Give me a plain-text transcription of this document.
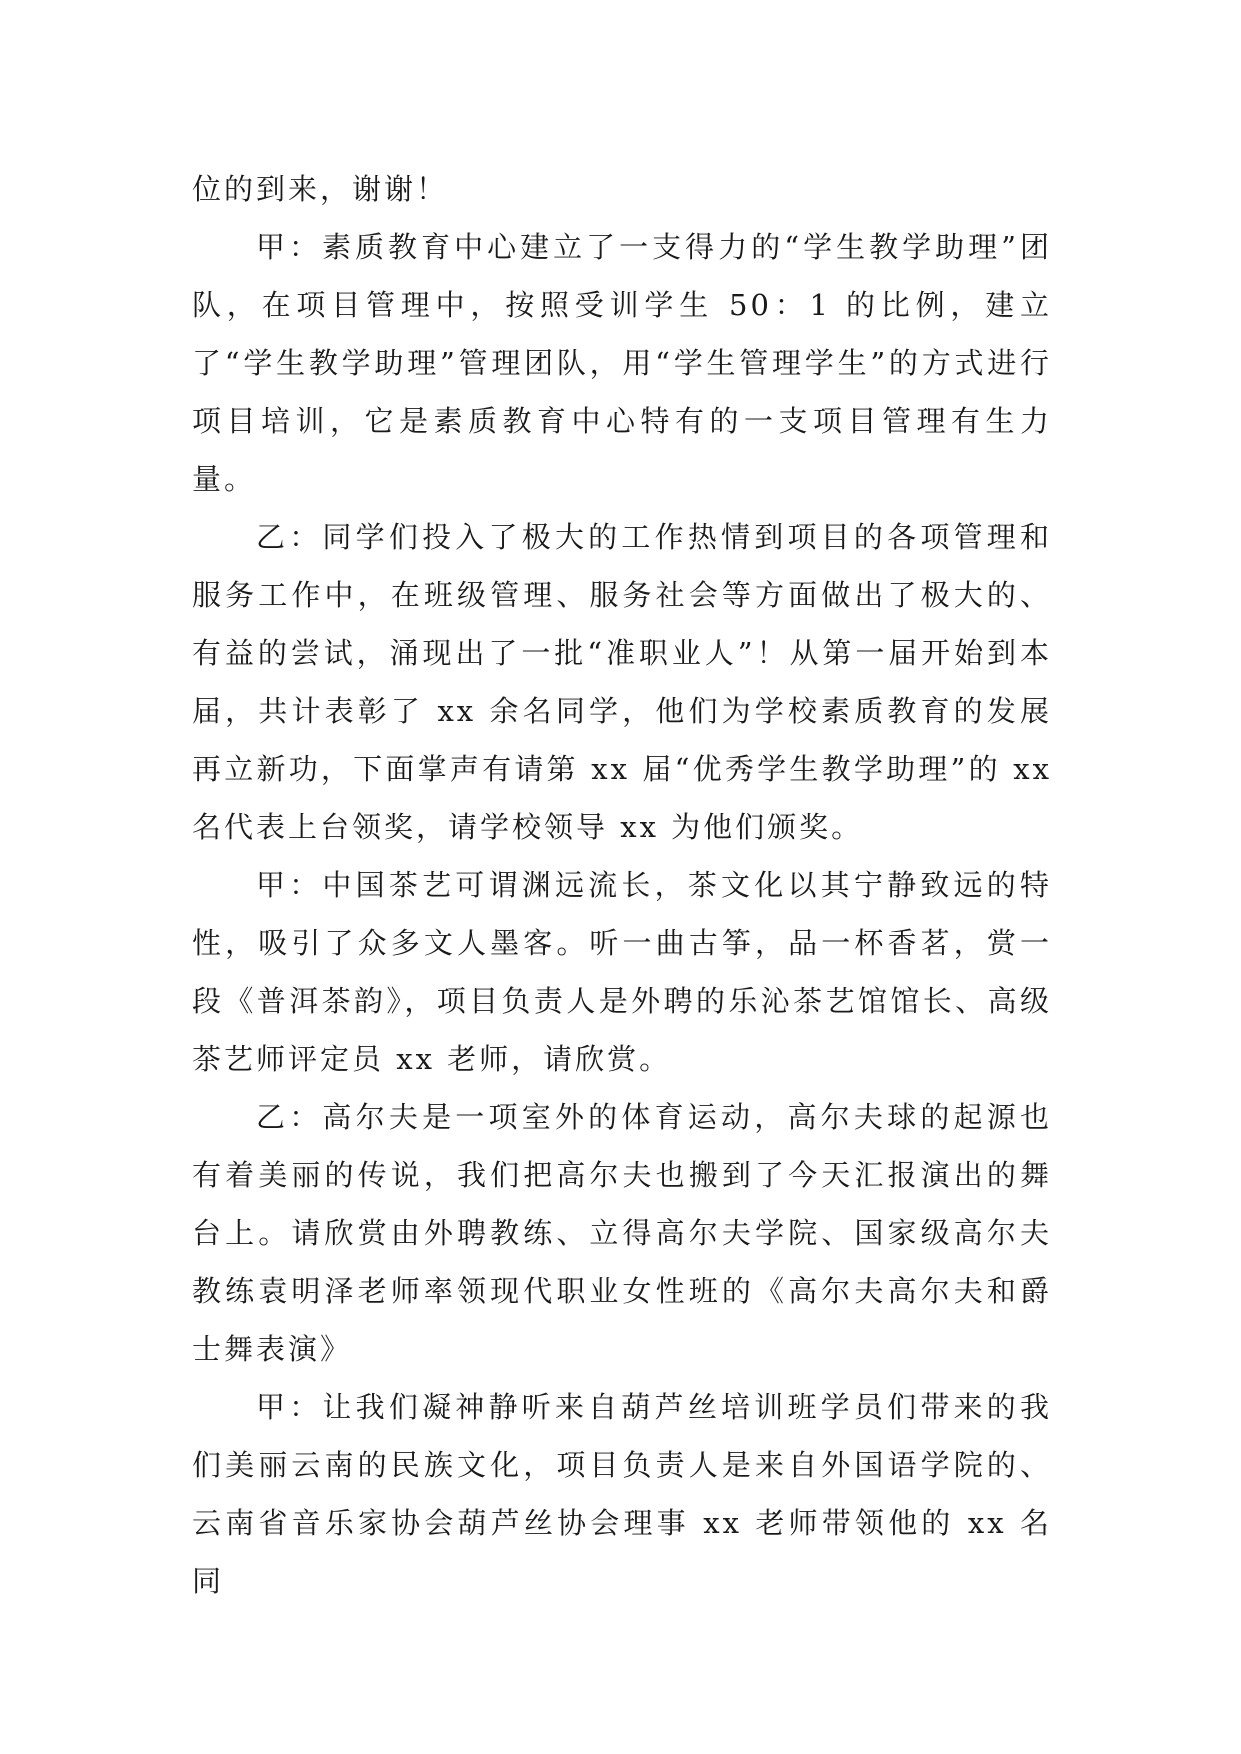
位的到来，谢谢！

甲：素质教育中心建立了一支得力的“学生教学助理”团队，在项目管理中，按照受训学生 50：1 的比例，建立了“学生教学助理”管理团队，用“学生管理学生”的方式进行项目培训，它是素质教育中心特有的一支项目管理有生力量。

乙：同学们投入了极大的工作热情到项目的各项管理和服务工作中，在班级管理、服务社会等方面做出了极大的、有益的尝试，涌现出了一批“准职业人”！从第一届开始到本届，共计表彰了 xx 余名同学，他们为学校素质教育的发展再立新功，下面掌声有请第 xx 届“优秀学生教学助理”的 xx 名代表上台领奖，请学校领导 xx 为他们颁奖。

甲：中国茶艺可谓渊远流长，茶文化以其宁静致远的特性，吸引了众多文人墨客。听一曲古筝，品一杯香茗，赏一段《普洱茶韵》，项目负责人是外聘的乐沁茶艺馆馆长、高级茶艺师评定员 xx 老师，请欣赏。

乙：高尔夫是一项室外的体育运动，高尔夫球的起源也有着美丽的传说，我们把高尔夫也搬到了今天汇报演出的舞台上。请欣赏由外聘教练、立得高尔夫学院、国家级高尔夫教练袁明泽老师率领现代职业女性班的《高尔夫高尔夫和爵士舞表演》

甲：让我们凝神静听来自葫芦丝培训班学员们带来的我们美丽云南的民族文化，项目负责人是来自外国语学院的、云南省音乐家协会葫芦丝协会理事 xx 老师带领他的 xx 名同
